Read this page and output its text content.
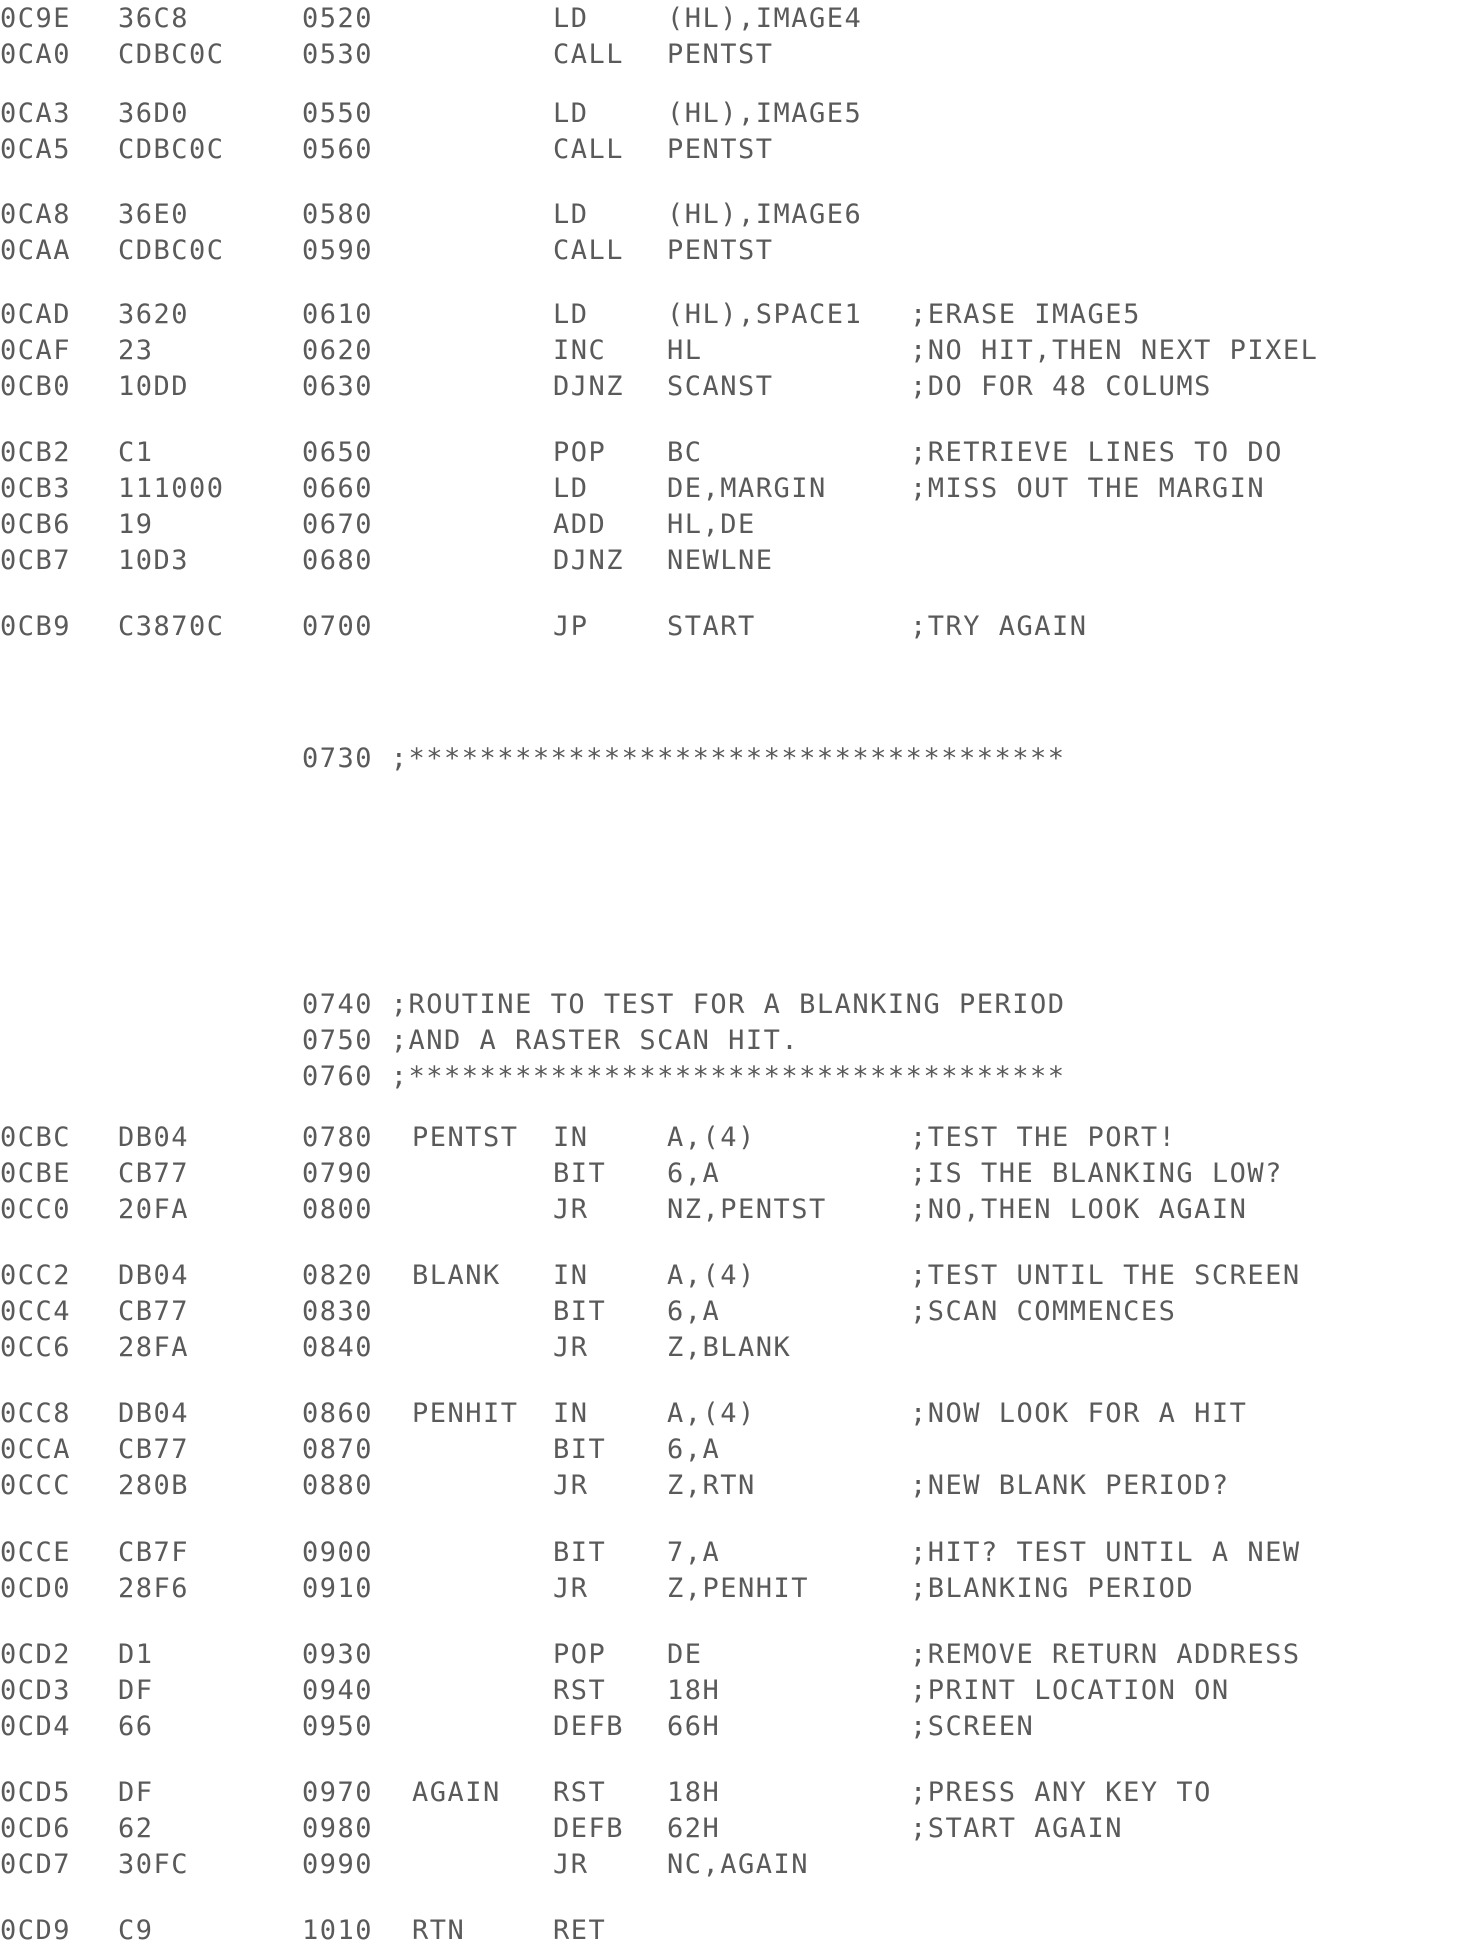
0C9E 36C8	0520	LD	(HL),IMAGE4
0CA0 CDBC0C	0530	CALL PENTST
0CA3 36D0	0550	LD	(HL),IMAGE5
0CA5 CDBC0C	0560	CALL PENTST
0CA8 36E0	0580	LD	(HL),IMAGE6
0CAA CDBC0C	0590	CALL PENTST
0CAD 3620	0610	LD	(HL),SPACE1 ;ERASE IMAGE5
0CAF 23	0620	INC HL	;NO HIT,THEN NEXT PIXEL
0CB0 10DD	0630	DJNZ SCANST	;DO FOR 48 COLUMS
0CB2 C1	0650	POP BC	;RETRIEVE LINES TO DO
0CB3 111000	0660	LD	DE,MARGIN	;MISS OUT THE MARGIN
0CB6 19	0670	ADD HL,DE
0CB7 10D3	0680	DJNZ NEWLNE
0CB9 C3870C	0700	JP	START	;TRY AGAIN
0730 ;*************************************
0740 ;ROUTINE TO TEST FOR A BLANKING PERIOD
0750 ;AND A RASTER SCAN HIT.
0760 ;*************************************
0CBC DB04	0780 PENTST IN	A,(4)	;TEST THE PORT!
0CBE CB77	0790	BIT 6,A	;IS THE BLANKING LOW?
0CC0 20FA	0800	JR	NZ,PENTST	;NO,THEN LOOK AGAIN
0CC2 DB04	0820 BLANK IN	A,(4)	;TEST UNTIL THE SCREEN
0CC4 CB77	0830	BIT 6,A	;SCAN COMMENCES
0CC6 28FA	0840	JR	Z,BLANK
0CC8 DB04	0860 PENHIT IN	A,(4)	;NOW LOOK FOR A HIT
0CCA CB77	0870	BIT 6,A
0CCC 280B	0880	JR	Z,RTN	;NEW BLANK PERIOD?
0CCE CB7F	0900	BIT 7,A	;HIT? TEST UNTIL A NEW
0CD0 28F6	0910	JR	Z,PENHIT	;BLANKING PERIOD
0CD2 D1	0930	POP DE	;REMOVE RETURN ADDRESS
0CD3 DF	0940	RST 18H	;PRINT LOCATION ON
0CD4 66	0950	DEFB 66H	;SCREEN
0CD5 DF	0970 AGAIN RST 18H	;PRESS ANY KEY TO
0CD6 62	0980	DEFB 62H	;START AGAIN
0CD7 30FC	0990	JR	NC,AGAIN
0CD9 C9	1010 RTN	RET
